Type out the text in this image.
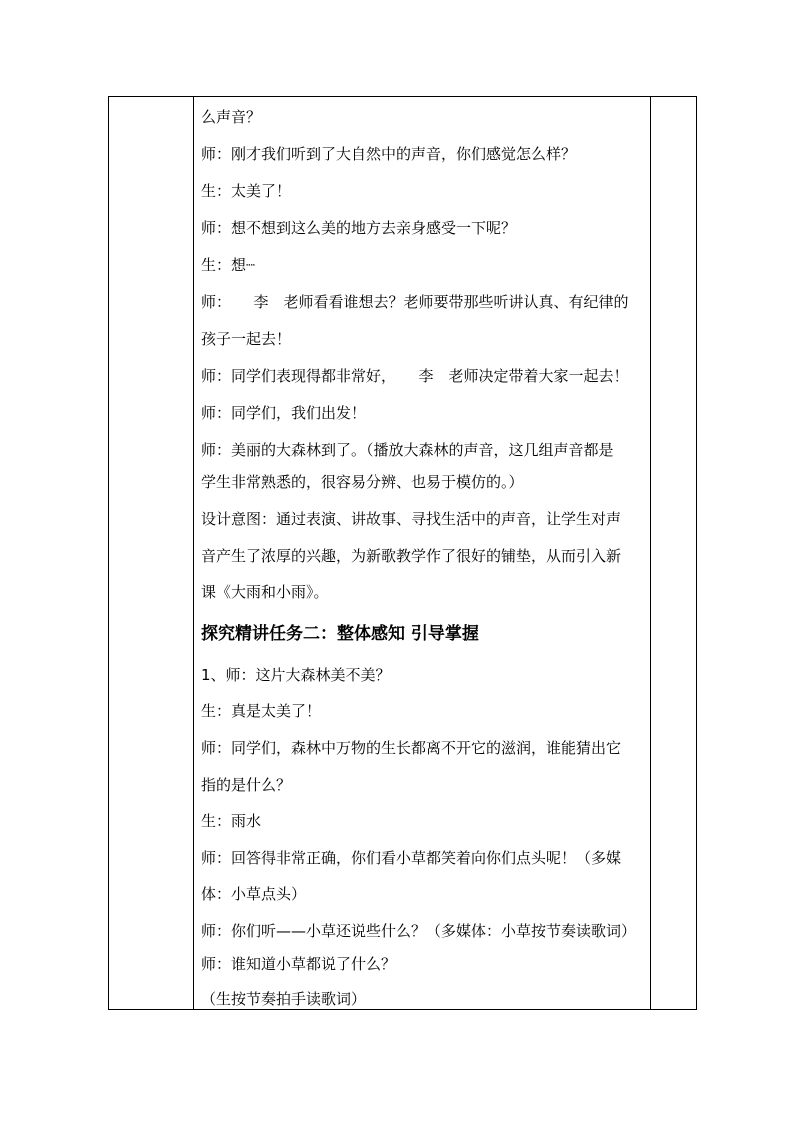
么声音？
师：刚才我们听到了大自然中的声音，你们感觉怎么样？
生：太美了！
师：想不想到这么美的地方去亲身感受一下呢？
生：想┈
师：　　李　老师看看谁想去？老师要带那些听讲认真、有纪律的
孩子一起去！
师：同学们表现得都非常好，　　李　老师决定带着大家一起去！
师：同学们，我们出发！
师：美丽的大森林到了。（播放大森林的声音，这几组声音都是
学生非常熟悉的，很容易分辨、也易于模仿的。）
设计意图：通过表演、讲故事、寻找生活中的声音，让学生对声
音产生了浓厚的兴趣，为新歌教学作了很好的铺垫，从而引入新
课《大雨和小雨》。
探究精讲任务二：整体感知 引导掌握
1、师：这片大森林美不美？
生：真是太美了！
师：同学们，森林中万物的生长都离不开它的滋润，谁能猜出它
指的是什么？
生：雨水
师：回答得非常正确，你们看小草都笑着向你们点头呢！（多媒
体：小草点头）
师：你们听——小草还说些什么？（多媒体：小草按节奏读歌词）
师：谁知道小草都说了什么？
（生按节奏拍手读歌词）
